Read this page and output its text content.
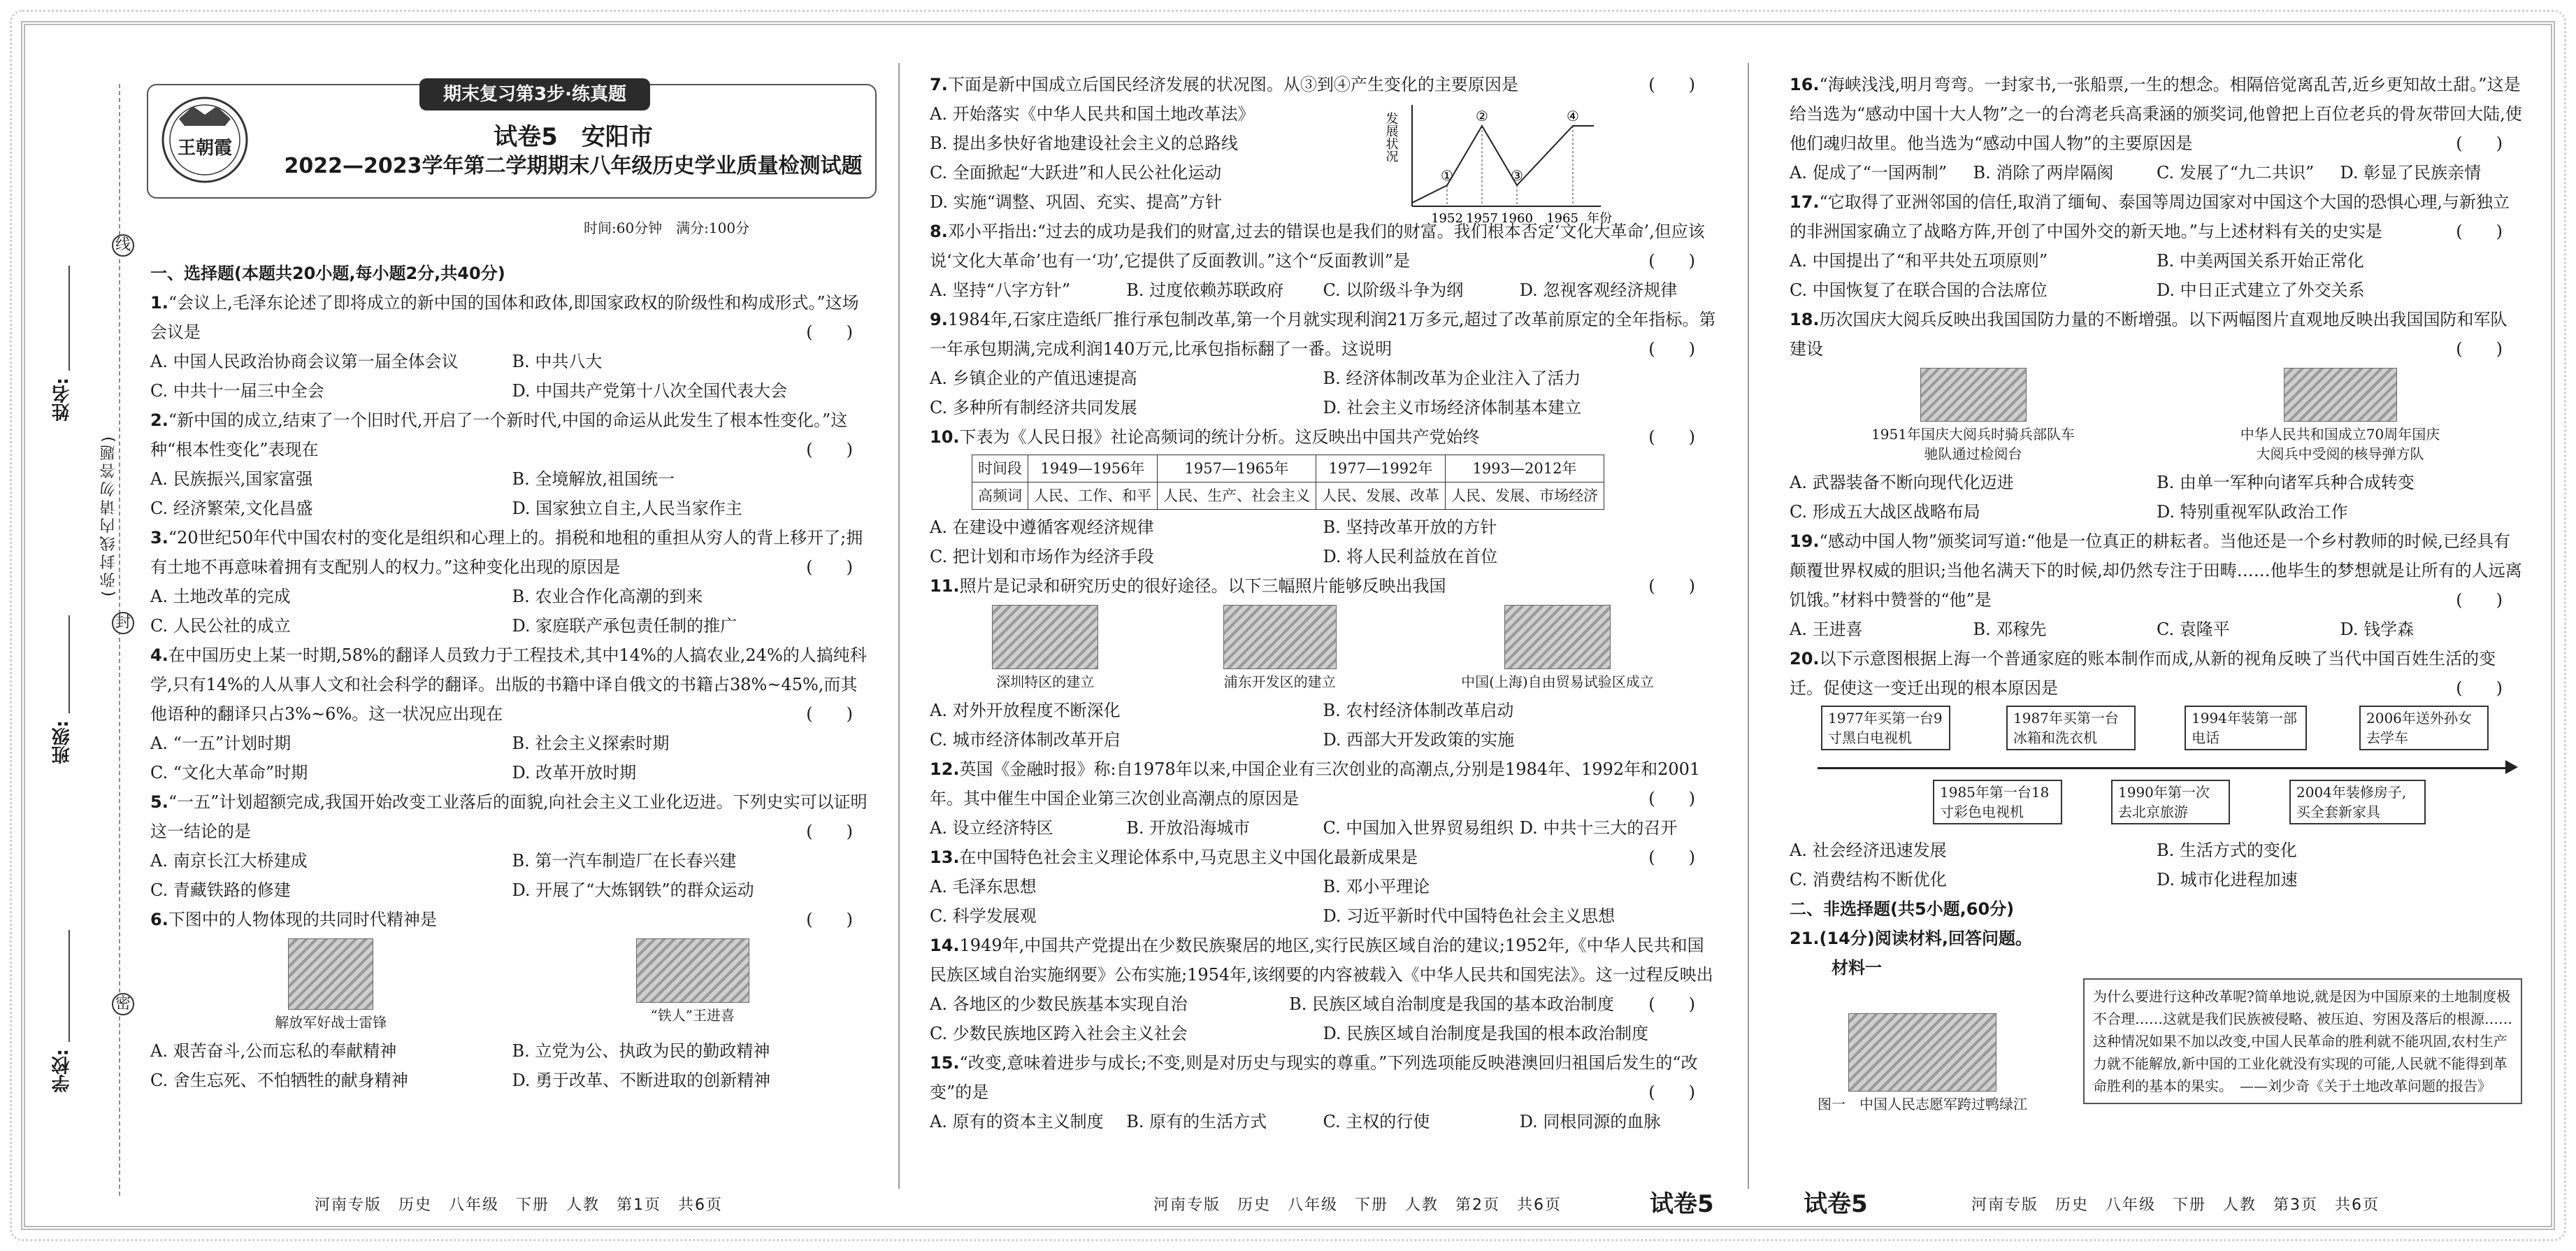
姓名:
班级:
学校:
(弥封线内请勿答题)
线
封
密
期末复习第3步·练真题
王朝霞	试卷5　安阳市
2022—2023学年第二学期期末八年级历史学业质量检测试题
时间:60分钟　满分:100分

一、选择题(本题共20小题,每小题2分,共40分)

1.“会议上,毛泽东论述了即将成立的新中国的国体和政体,即国家政权的阶级性和构成形式。”这场会议是	(　　)

A. 中国人民政治协商会议第一届全体会议	B. 中共八大
C. 中共十一届三中全会	D. 中国共产党第十八次全国代表大会

2.“新中国的成立,结束了一个旧时代,开启了一个新时代,中国的命运从此发生了根本性变化。”这种“根本性变化”表现在	(　　)

A. 民族振兴,国家富强	B. 全境解放,祖国统一
C. 经济繁荣,文化昌盛	D. 国家独立自主,人民当家作主

3.“20世纪50年代中国农村的变化是组织和心理上的。捐税和地租的重担从穷人的背上移开了;拥有土地不再意味着拥有支配别人的权力。”这种变化出现的原因是	(　　)

A. 土地改革的完成	B. 农业合作化高潮的到来
C. 人民公社的成立	D. 家庭联产承包责任制的推广

4.在中国历史上某一时期,58%的翻译人员致力于工程技术,其中14%的人搞农业,24%的人搞纯科学,只有14%的人从事人文和社会科学的翻译。出版的书籍中译自俄文的书籍占38%~45%,而其他语种的翻译只占3%~6%。这一状况应出现在	(　　)

A. “一五”计划时期	B. 社会主义探索时期
C. “文化大革命”时期	D. 改革开放时期

5.“一五”计划超额完成,我国开始改变工业落后的面貌,向社会主义工业化迈进。下列史实可以证明这一结论的是	(　　)

A. 南京长江大桥建成	B. 第一汽车制造厂在长春兴建
C. 青藏铁路的修建	D. 开展了“大炼钢铁”的群众运动

6.下图中的人物体现的共同时代精神是	(　　)

解放军好战士雷锋	“铁人”王进喜
A. 艰苦奋斗,公而忘私的奉献精神	B. 立党为公、执政为民的勤政精神
C. 舍生忘死、不怕牺牲的献身精神	D. 勇于改革、不断进取的创新精神

7.下面是新中国成立后国民经济发展的状况图。从③到④产生变化的主要原因是	(　　)

A. 开始落实《中华人民共和国土地改革法》

B. 提出多快好省地建设社会主义的总路线

C. 全面掀起“大跃进”和人民公社化运动

D. 实施“调整、巩固、充实、提高”方针

发展状况
①
②
③
④
1952 1957 1960 1965 年份

8.邓小平指出:“过去的成功是我们的财富,过去的错误也是我们的财富。我们根本否定‘文化大革命’,但应该说‘文化大革命’也有一‘功’,它提供了反面教训。”这个“反面教训”是	(　　)

A. 坚持“八字方针”	B. 过度依赖苏联政府	C. 以阶级斗争为纲	D. 忽视客观经济规律

9.1984年,石家庄造纸厂推行承包制改革,第一个月就实现利润21万多元,超过了改革前原定的全年指标。第一年承包期满,完成利润140万元,比承包指标翻了一番。这说明	(　　)

A. 乡镇企业的产值迅速提高	B. 经济体制改革为企业注入了活力
C. 多种所有制经济共同发展	D. 社会主义市场经济体制基本建立

10.下表为《人民日报》社论高频词的统计分析。这反映出中国共产党始终	(　　)

时间段	1949—1956年	1957—1965年	1977—1992年	1993—2012年
高频词	人民、工作、和平	人民、生产、社会主义	人民、发展、改革	人民、发展、市场经济
A. 在建设中遵循客观经济规律	B. 坚持改革开放的方针
C. 把计划和市场作为经济手段	D. 将人民利益放在首位

11.照片是记录和研究历史的很好途径。以下三幅照片能够反映出我国	(　　)

深圳特区的建立	浦东开发区的建立	中国(上海)自由贸易试验区成立
A. 对外开放程度不断深化	B. 农村经济体制改革启动
C. 城市经济体制改革开启	D. 西部大开发政策的实施

12.英国《金融时报》称:自1978年以来,中国企业有三次创业的高潮点,分别是1984年、1992年和2001年。其中催生中国企业第三次创业高潮点的原因是	(　　)

A. 设立经济特区	B. 开放沿海城市	C. 中国加入世界贸易组织 D. 中共十三大的召开

13.在中国特色社会主义理论体系中,马克思主义中国化最新成果是	(　　)

A. 毛泽东思想	B. 邓小平理论
C. 科学发展观	D. 习近平新时代中国特色社会主义思想

14.1949年,中国共产党提出在少数民族聚居的地区,实行民族区域自治的建议;1952年,《中华人民共和国民族区域自治实施纲要》公布实施;1954年,该纲要的内容被载入《中华人民共和国宪法》。这一过程反映出
(　　)

A. 各地区的少数民族基本实现自治	B. 民族区域自治制度是我国的基本政治制度
C. 少数民族地区跨入社会主义社会	D. 民族区域自治制度是我国的根本政治制度

15.“改变,意味着进步与成长;不变,则是对历史与现实的尊重。”下列选项能反映港澳回归祖国后发生的“改变”的是	(　　)

A. 原有的资本主义制度	B. 原有的生活方式	C. 主权的行使	D. 同根同源的血脉

16.“海峡浅浅,明月弯弯。一封家书,一张船票,一生的想念。相隔倍觉离乱苦,近乡更知故土甜。”这是给当选为“感动中国十大人物”之一的台湾老兵高秉涵的颁奖词,他曾把上百位老兵的骨灰带回大陆,使他们魂归故里。他当选为“感动中国人物”的主要原因是	(　　)

A. 促成了“一国两制”	B. 消除了两岸隔阂	C. 发展了“九二共识”	D. 彰显了民族亲情

17.“它取得了亚洲邻国的信任,取消了缅甸、泰国等周边国家对中国这个大国的恐惧心理,与新独立的非洲国家确立了战略方阵,开创了中国外交的新天地。”与上述材料有关的史实是	(　　)

A. 中国提出了“和平共处五项原则”	B. 中美两国关系开始正常化
C. 中国恢复了在联合国的合法席位	D. 中日正式建立了外交关系

18.历次国庆大阅兵反映出我国国防力量的不断增强。以下两幅图片直观地反映出我国国防和军队建设	(　　)

1951年国庆大阅兵时骑兵部队车驰队通过检阅台
中华人民共和国成立70周年国庆大阅兵中受阅的核导弹方队
A. 武器装备不断向现代化迈进	B. 由单一军种向诸军兵种合成转变
C. 形成五大战区战略布局	D. 特别重视军队政治工作

19.“感动中国人物”颁奖词写道:“他是一位真正的耕耘者。当他还是一个乡村教师的时候,已经具有颠覆世界权威的胆识;当他名满天下的时候,却仍然专注于田畴……他毕生的梦想就是让所有的人远离饥饿。”材料中赞誉的“他”是	(　　)

A. 王进喜	B. 邓稼先	C. 袁隆平	D. 钱学森

20.以下示意图根据上海一个普通家庭的账本制作而成,从新的视角反映了当代中国百姓生活的变迁。促使这一变迁出现的根本原因是	(　　)

1977年买第一台9寸黑白电视机
1985年第一台18寸彩色电视机
1987年买第一台冰箱和洗衣机
1990年第一次去北京旅游
1994年装第一部电话
2004年装修房子,买全套新家具
2006年送外孙女去学车
A. 社会经济迅速发展	B. 生活方式的变化
C. 消费结构不断优化	D. 城市化进程加速

二、非选择题(共5小题,60分)

21.(14分)阅读材料,回答问题。

材料一

图一　中国人民志愿军跨过鸭绿江
为什么要进行这种改革呢?简单地说,就是因为中国原来的土地制度极不合理……这就是我们民族被侵略、被压迫、穷困及落后的根源……这种情况如果不加以改变,中国人民革命的胜利就不能巩固,农村生产力就不能解放,新中国的工业化就没有实现的可能,人民就不能得到革命胜利的基本的果实。　——刘少奇《关于土地改革问题的报告》
河南专版　历史　八年级　下册　人教　第1页　共6页	河南专版　历史　八年级　下册　人教　第2页　共6页	试卷5	试卷5	河南专版　历史　八年级　下册　人教　第3页　共6页
